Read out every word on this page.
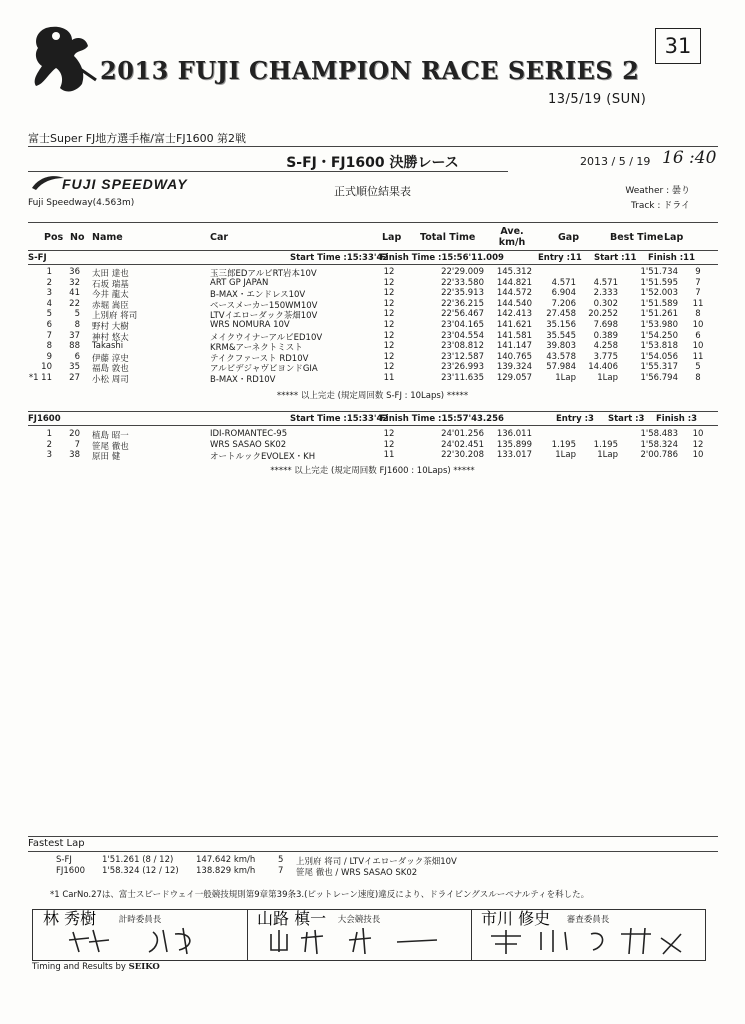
2013 FUJI CHAMPION RACE SERIES 2
31
13/5/19 (SUN)
富士Super FJ地方選手権/富士FJ1600 第2戦
S-FJ・FJ1600 決勝レース	2013 / 5 / 19 16 :40
FUJI SPEEDWAY	正式順位結果表
Fuji Speedway(4.563m)
Weather : 曇り
Track : ドライ
Pos No Name	Car	Lap Total Time
Ave.
km/h	Gap	Best Time Lap
S-FJ	Start Time :15:33'42
Finish Time :15:56'11.009	Entry :11 Start :11 Finish :11
1	36 太田 達也	玉三郎EDアルビRT岩本10V	12	22'29.009	145.312	1'51.734	9
2	32 石坂 瑞基	ART GP JAPAN	12	22'33.580	144.821	4.571	4.571	1'51.595	7
3	41 今井 龍太	B-MAX・エンドレス10V	12	22'35.913	144.572	6.904	2.333	1'52.003	7
4	22 赤堀 嵩臣	ベースメーカー150WM10V	12	22'36.215	144.540	7.206	0.302	1'51.589	11
5	5 上別府 将司	LTVイエローダック茶畑10V	12	22'56.467	142.413	27.458	20.252	1'51.261	8
6	8 野村 大樹	WRS NOMURA 10V	12	23'04.165	141.621	35.156	7.698	1'53.980	10
7	37 神村 悠太	メイクウイナーアルビED10V	12	23'04.554	141.581	35.545	0.389	1'54.250	6
8	88 Takashi	KRM&アーネクトミスト	12	23'08.812	141.147	39.803	4.258	1'53.818	10
9	6 伊藤 淳史	テイクファースト RD10V	12	23'12.587	140.765	43.578	3.775	1'54.056	11
10	35 福島 敦也	アルビデジャヴビヨンドGIA	12	23'26.993	139.324	57.984	14.406	1'55.317	5
*1 11	27 小松 周司	B-MAX・RD10V	11	23'11.635	129.057	1Lap	1Lap	1'56.794	8
***** 以上完走 (規定周回数 S-FJ : 10Laps) *****
FJ1600	Start Time :15:33'42
Finish Time :15:57'43.256	Entry :3 Start :3 Finish :3
1	20 植島 昭一	IDI-ROMANTEC-95	12	24'01.256	136.011	1'58.483	10
2	7 笹尾 徹也	WRS SASAO SK02	12	24'02.451	135.899	1.195	1.195	1'58.324	12
3	38 原田 健	オートルックEVOLEX・KH	11	22'30.208	133.017	1Lap	1Lap	2'00.786	10
***** 以上完走 (規定周回数 FJ1600 : 10Laps) *****
Fastest Lap
S-FJ	1'51.261 (8 / 12)	147.642 km/h	5 上別府 将司 / LTVイエローダック茶畑10V
FJ1600 1'58.324 (12 / 12) 138.829 km/h	7 笹尾 徹也 / WRS SASAO SK02
*1 CarNo.27は、富士スピードウェイ一般競技規則第9章第39条3.(ピットレーン速度)違反により、ドライビングスルーペナルティを科した。
計時委員長
林 秀樹	大会競技長
山路 槙一	審査委員長
市川 修史
Timing and Results by SEIKO
